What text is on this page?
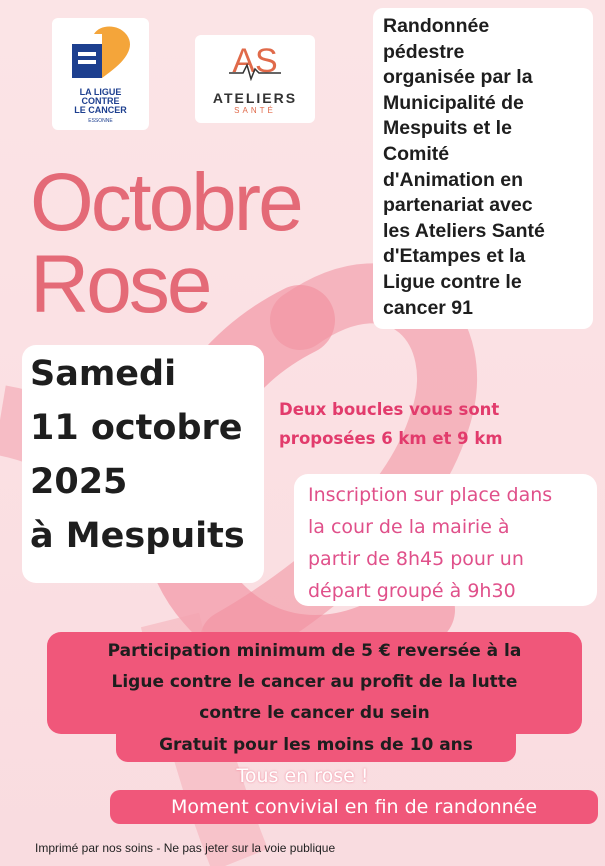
LA LIGUE
CONTRE
LE CANCER
ESSONNE
AS
ATELIERS
SANTÉ
Octobre
Rose
Randonnée
pédestre
organisée par la
Municipalité de
Mespuits et le
Comité
d'Animation en
partenariat avec
les Ateliers Santé
d'Etampes et la
Ligue contre le
cancer 91
Samedi
11 octobre
2025
à Mespuits
Deux boucles vous sont
proposées 6 km et 9 km
Inscription sur place dans
la cour de la mairie à
partir de 8h45 pour un
départ groupé à 9h30
Participation minimum de 5 € reversée à la
Ligue contre le cancer au profit de la lutte
contre le cancer du sein
Gratuit pour les moins de 10 ans
Tous en rose !
Moment convivial en fin de randonnée
Imprimé par nos soins - Ne pas jeter sur la voie publique
